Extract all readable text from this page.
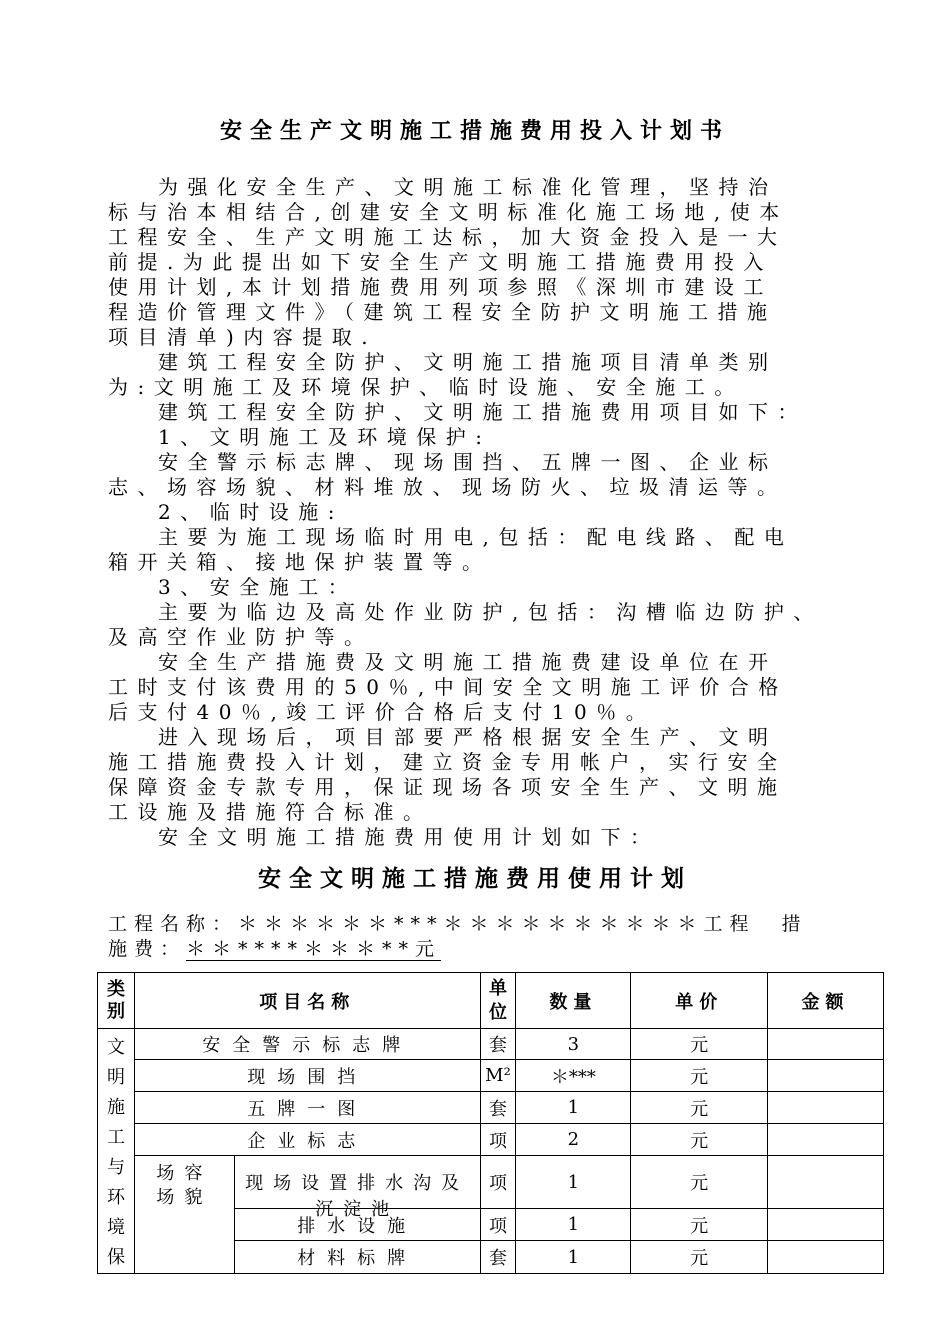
安全生产文明施工措施费用投入计划书
为强化安全生产、文明施工标准化管理，坚持治
标与治本相结合,创建安全文明标准化施工场地,使本
工程安全、生产文明施工达标，加大资金投入是一大
前提.为此提出如下安全生产文明施工措施费用投入
使用计划,本计划措施费用列项参照《深圳市建设工
程造价管理文件》（建筑工程安全防护文明施工措施
项目清单)内容提取.
建筑工程安全防护、文明施工措施项目清单类别
为:文明施工及环境保护、临时设施、安全施工。
建筑工程安全防护、文明施工措施费用项目如下：
1、文明施工及环境保护:
安全警示标志牌、现场围挡、五牌一图、企业标
志、场容场貌、材料堆放、现场防火、垃圾清运等。
2、临时设施:
主要为施工现场临时用电,包括：配电线路、配电
箱开关箱、接地保护装置等。
3、安全施工：
主要为临边及高处作业防护,包括：沟槽临边防护、
及高空作业防护等。
安全生产措施费及文明施工措施费建设单位在开
工时支付该费用的50％,中间安全文明施工评价合格
后支付40％,竣工评价合格后支付10％。
进入现场后，项目部要严格根据安全生产、文明
施工措施费投入计划，建立资金专用帐户，实行安全
保障资金专款专用，保证现场各项安全生产、文明施
工设施及措施符合标准。
安全文明施工措施费用使用计划如下：
安全文明施工措施费用使用计划
工程名称：＊＊＊＊＊＊***＊＊＊＊＊＊＊＊＊＊工程　措
施费：＊＊****＊＊＊**元
类别	项目名称		单位	数量	单价	金额

文明施工与环境保	安全警示标志牌		套	3	元	
	现场围挡		M²	＊***	元	
	五牌一图		套	1	元	
	企业标志		项	2	元	

	场容场貌	现场设置排水沟及沉淀池	项	1	元	
		排水设施	项	1	元	
		材料标牌	套	1	元	
